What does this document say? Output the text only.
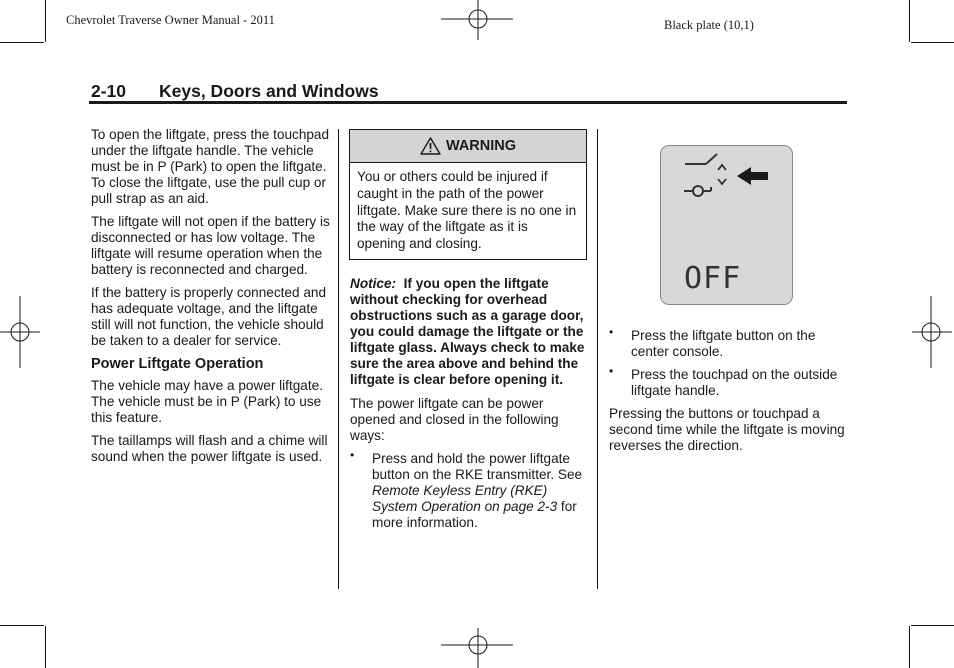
Chevrolet Traverse Owner Manual - 2011	Black plate (10,1)
2-10 Keys, Doors and Windows

To open the liftgate, press the touchpad under the liftgate handle. The vehicle must be in P (Park) to open the liftgate. To close the liftgate, use the pull cup or pull strap as an aid.

The liftgate will not open if the battery is disconnected or has low voltage. The liftgate will resume operation when the battery is reconnected and charged.

If the battery is properly connected and has adequate voltage, and the liftgate still will not function, the vehicle should be taken to a dealer for service.

Power Liftgate Operation

The vehicle may have a power liftgate. The vehicle must be in P (Park) to use this feature.

The taillamps will flash and a chime will sound when the power liftgate is used.

WARNING
You or others could be injured if caught in the path of the power liftgate. Make sure there is no one in the way of the liftgate as it is opening and closing.

Notice: If you open the liftgate without checking for overhead obstructions such as a garage door, you could damage the liftgate or the liftgate glass. Always check to make sure the area above and behind the liftgate is clear before opening it.

The power liftgate can be power opened and closed in the following ways:

• Press and hold the power liftgate button on the RKE transmitter. See Remote Keyless Entry (RKE) System Operation on page 2-3 for more information.
OFF
• Press the liftgate button on the center console.
• Press the touchpad on the outside liftgate handle.

Pressing the buttons or touchpad a second time while the liftgate is moving reverses the direction.
